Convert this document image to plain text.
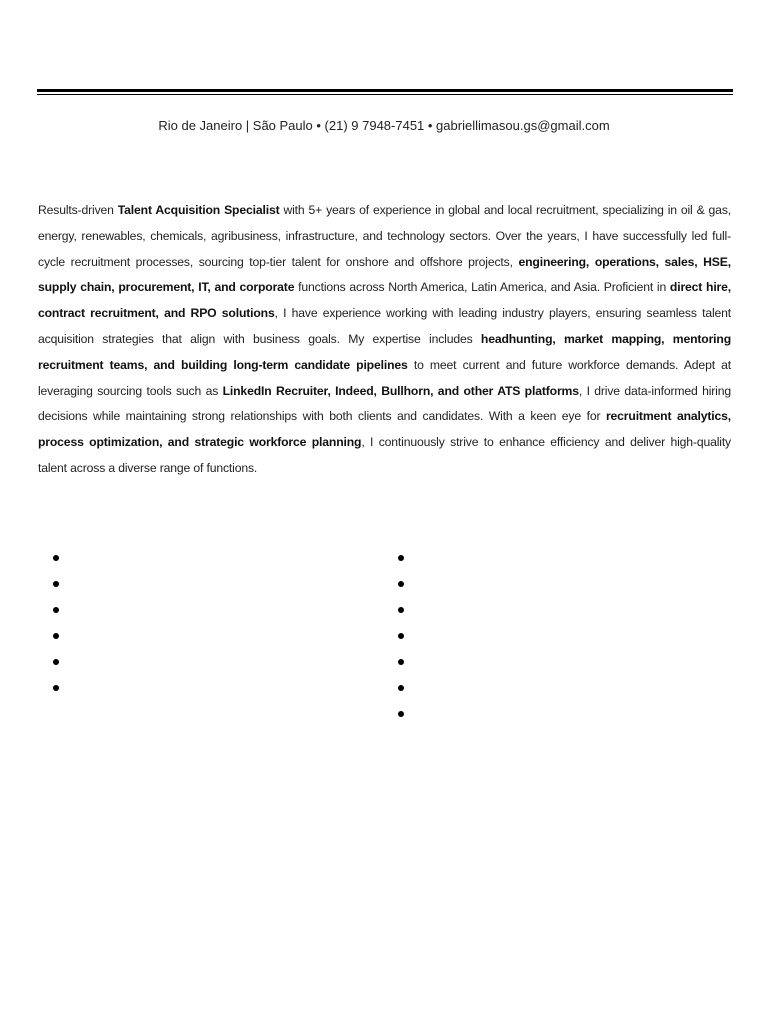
Rio de Janeiro | São Paulo • (21) 9 7948-7451 • gabriellimasou.gs@gmail.com

Results-driven Talent Acquisition Specialist with 5+ years of experience in global and local recruitment, specializing in oil & gas, energy, renewables, chemicals, agribusiness, infrastructure, and technology sectors. Over the years, I have successfully led full-cycle recruitment processes, sourcing top-tier talent for onshore and offshore projects, engineering, operations, sales, HSE, supply chain, procurement, IT, and corporate functions across North America, Latin America, and Asia. Proficient in direct hire, contract recruitment, and RPO solutions, I have experience working with leading industry players, ensuring seamless talent acquisition strategies that align with business goals. My expertise includes headhunting, market mapping, mentoring recruitment teams, and building long-term candidate pipelines to meet current and future workforce demands. Adept at leveraging sourcing tools such as LinkedIn Recruiter, Indeed, Bullhorn, and other ATS platforms, I drive data-informed hiring decisions while maintaining strong relationships with both clients and candidates. With a keen eye for recruitment analytics, process optimization, and strategic workforce planning, I continuously strive to enhance efficiency and deliver high-quality talent across a diverse range of functions.
